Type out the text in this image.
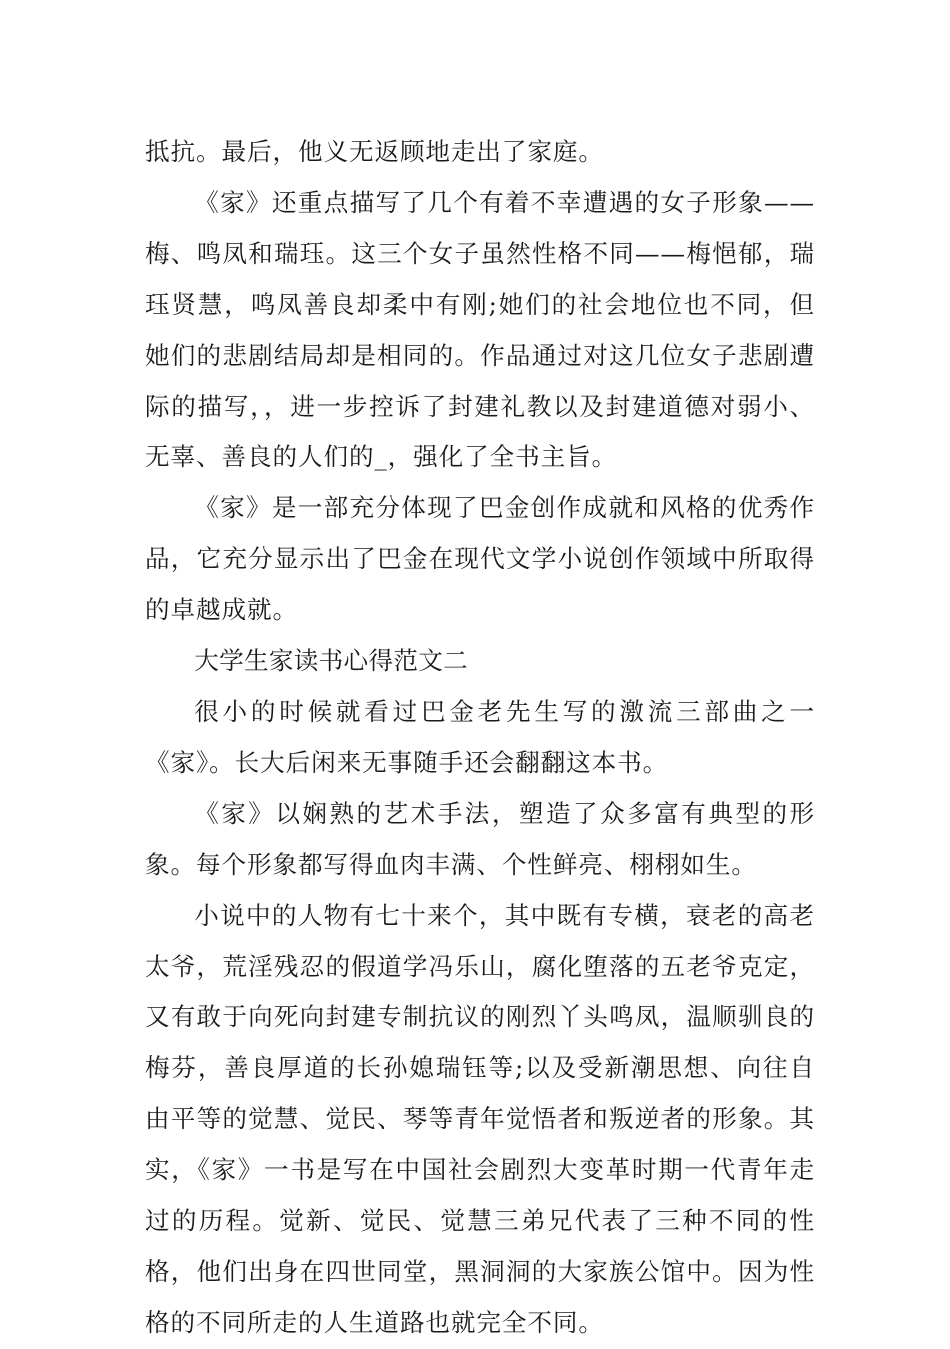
抵抗。最后，他义无返顾地走出了家庭。

《家》还重点描写了几个有着不幸遭遇的女子形象——梅、鸣凤和瑞珏。这三个女子虽然性格不同——梅悒郁，瑞珏贤慧，鸣凤善良却柔中有刚;她们的社会地位也不同，但她们的悲剧结局却是相同的。作品通过对这几位女子悲剧遭际的描写，，进一步控诉了封建礼教以及封建道德对弱小、无辜、善良的人们的_，强化了全书主旨。

《家》是一部充分体现了巴金创作成就和风格的优秀作品，它充分显示出了巴金在现代文学小说创作领域中所取得的卓越成就。

大学生家读书心得范文二

很小的时候就看过巴金老先生写的激流三部曲之一《家》。长大后闲来无事随手还会翻翻这本书。

《家》以娴熟的艺术手法，塑造了众多富有典型的形象。每个形象都写得血肉丰满、个性鲜亮、栩栩如生。

小说中的人物有七十来个，其中既有专横，衰老的高老太爷，荒淫残忍的假道学冯乐山，腐化堕落的五老爷克定，又有敢于向死向封建专制抗议的刚烈丫头鸣凤，温顺驯良的梅芬，善良厚道的长孙媳瑞钰等;以及受新潮思想、向往自由平等的觉慧、觉民、琴等青年觉悟者和叛逆者的形象。其实，《家》一书是写在中国社会剧烈大变革时期一代青年走过的历程。觉新、觉民、觉慧三弟兄代表了三种不同的性格，他们出身在四世同堂，黑洞洞的大家族公馆中。因为性格的不同所走的人生道路也就完全不同。
